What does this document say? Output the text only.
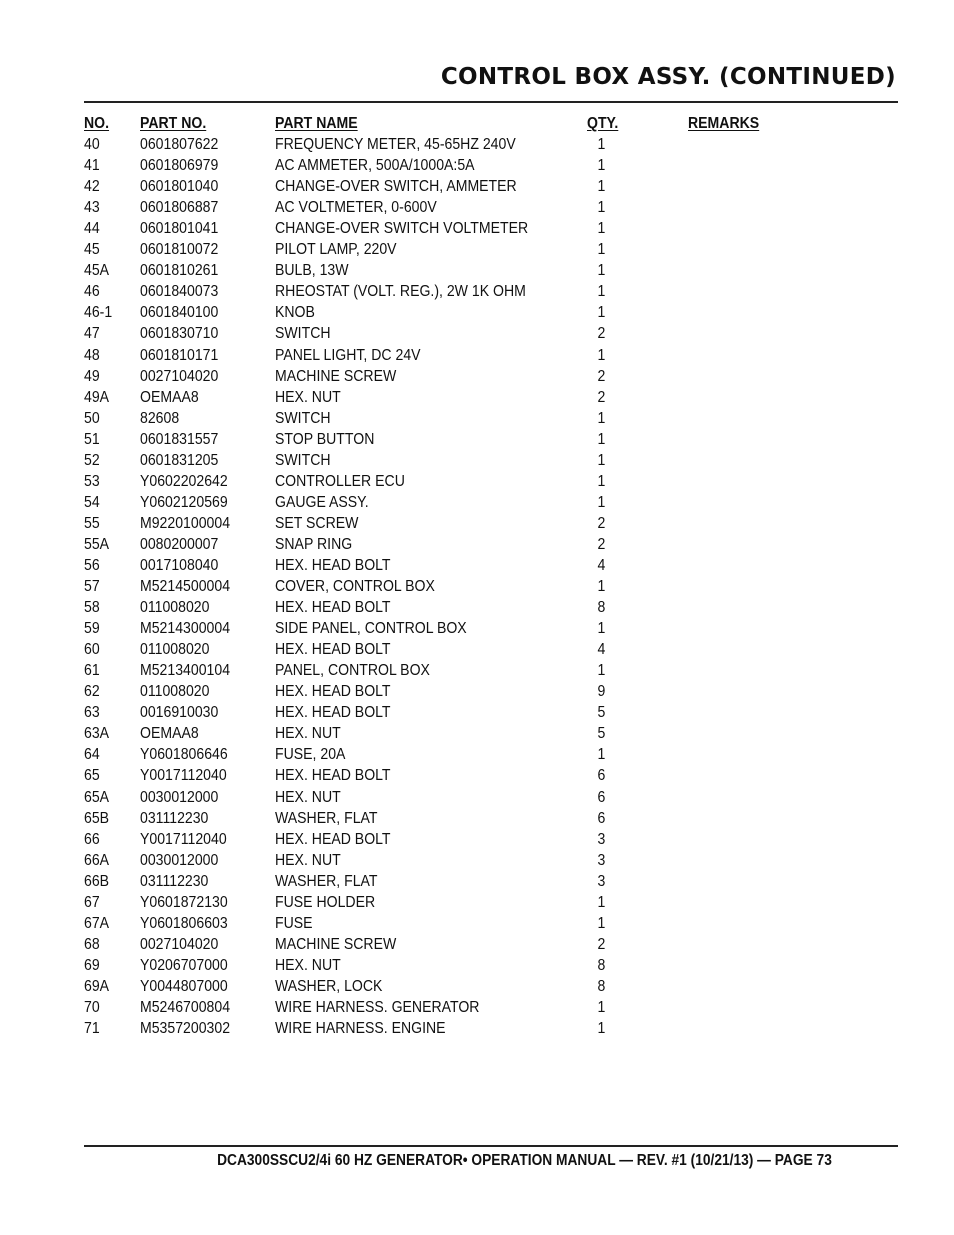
CONTROL BOX ASSY. (CONTINUED)
NO.	PART NO.	PART NAME	QTY.	REMARKS
40	0601807622	FREQUENCY METER, 45-65HZ 240V	1
41	0601806979	AC AMMETER, 500A/1000A:5A	1
42	0601801040	CHANGE-OVER SWITCH, AMMETER	1
43	0601806887	AC VOLTMETER, 0-600V	1
44	0601801041	CHANGE-OVER SWITCH VOLTMETER	1
45	0601810072	PILOT LAMP, 220V	1
45A	0601810261	BULB, 13W	1
46	0601840073	RHEOSTAT (VOLT. REG.), 2W 1K OHM	1
46-1	0601840100	KNOB	1
47	0601830710	SWITCH	2
48	0601810171	PANEL LIGHT, DC 24V	1
49	0027104020	MACHINE SCREW	2
49A	OEMAA8	HEX. NUT	2
50	82608	SWITCH	1
51	0601831557	STOP BUTTON	1
52	0601831205	SWITCH	1
53	Y0602202642	CONTROLLER ECU	1
54	Y0602120569	GAUGE ASSY.	1
55	M9220100004	SET SCREW	2
55A	0080200007	SNAP RING	2
56	0017108040	HEX. HEAD BOLT	4
57	M5214500004	COVER, CONTROL BOX	1
58	011008020	HEX. HEAD BOLT	8
59	M5214300004	SIDE PANEL, CONTROL BOX	1
60	011008020	HEX. HEAD BOLT	4
61	M5213400104	PANEL, CONTROL BOX	1
62	011008020	HEX. HEAD BOLT	9
63	0016910030	HEX. HEAD BOLT	5
63A	OEMAA8	HEX. NUT	5
64	Y0601806646	FUSE, 20A	1
65	Y0017112040	HEX. HEAD BOLT	6
65A	0030012000	HEX. NUT	6
65B	031112230	WASHER, FLAT	6
66	Y0017112040	HEX. HEAD BOLT	3
66A	0030012000	HEX. NUT	3
66B	031112230	WASHER, FLAT	3
67	Y0601872130	FUSE HOLDER	1
67A	Y0601806603	FUSE	1
68	0027104020	MACHINE SCREW	2
69	Y0206707000	HEX. NUT	8
69A	Y0044807000	WASHER, LOCK	8
70	M5246700804	WIRE HARNESS. GENERATOR	1
71	M5357200302	WIRE HARNESS. ENGINE	1
DCA300SSCU2/4i 60 HZ GENERATOR• OPERATION MANUAL — REV. #1 (10/21/13) — PAGE 73
